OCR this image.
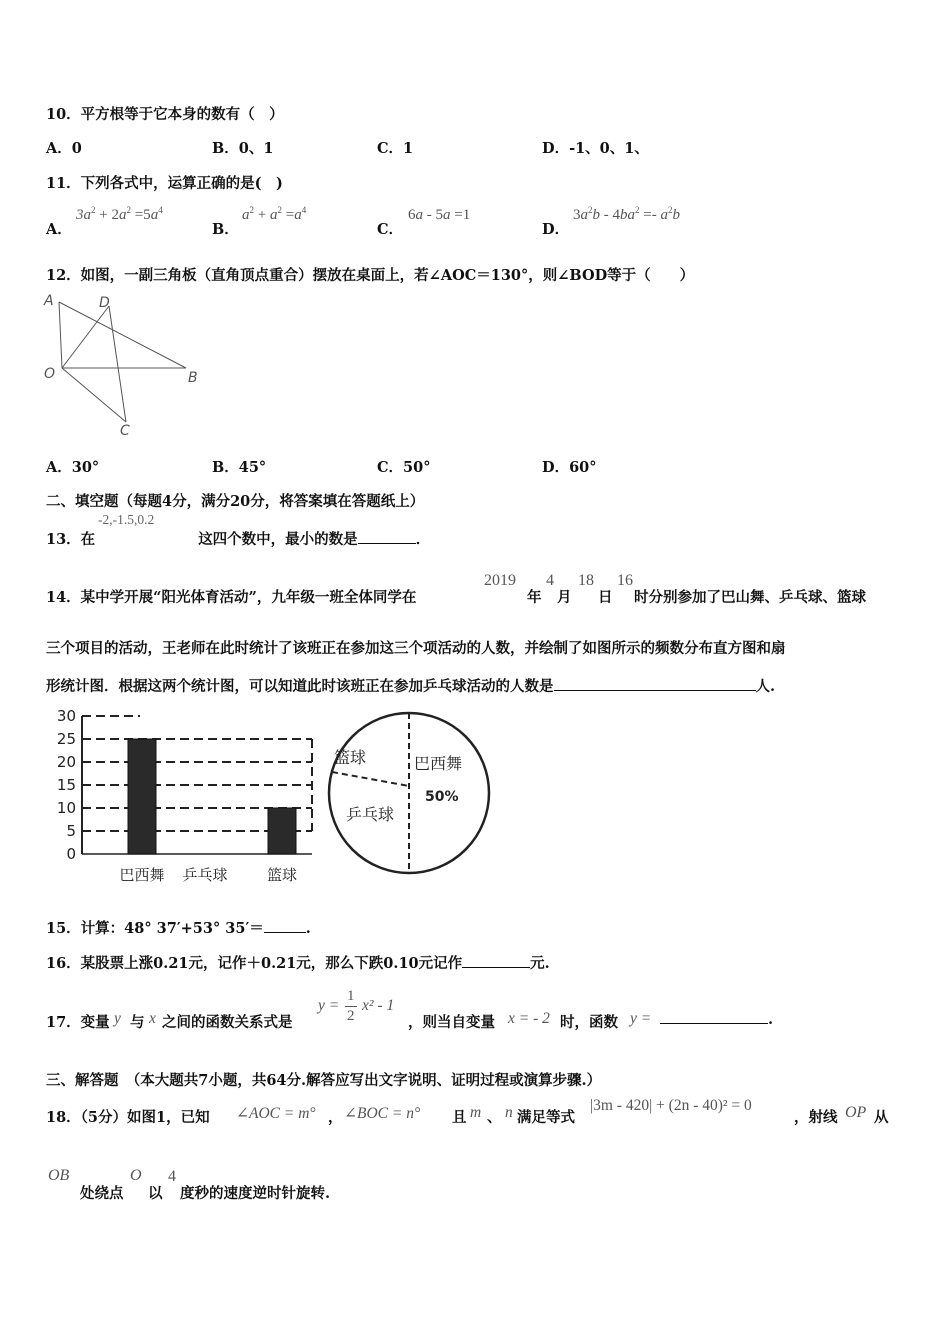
10．平方根等于它本身的数有（　）
A．0	B．0、1	C．1	D．-1、0、1、
11．下列各式中，运算正确的是(　)
A．	B．	C．	D．
$3a^2 + 2a^2 =5a^4$	$a^2 + a^2 =a^4$	6a - 5a =1	$3a^2b - 4ba^2 =- a^2b$
12．如图，一副三角板（直角顶点重合）摆放在桌面上，若∠AOC＝130°，则∠BOD等于（　　）
A	D
O	B
C
A．30°	B．45°	C．50°	D．60°
二、填空题（每题4分，满分20分，将答案填在答题纸上）
-2,-1.5,0.2
13．在	这四个数中，最小的数是	．
14．某中学开展“阳光体育活动”，九年级一班全体同学在
2019
年
4
月
18
日
16
时分别参加了巴山舞、乒乓球、篮球
三个项目的活动，王老师在此时统计了该班正在参加这三个项活动的人数，并绘制了如图所示的频数分布直方图和扇
形统计图．根据这两个统计图，可以知道此时该班正在参加乒乓球活动的人数是	人.
0
5
10
15
20
25
30
巴西舞 乒乓球	篮球
篮球	巴西舞
乒乓球
50%
15．计算：48° 37′+53° 35′＝	.
16．某股票上涨0.21元，记作＋0.21元，那么下跌0.10元记作	元.
17．变量 y 与 x 之间的函数关系式是
y =
1
2
x² - 1
，则当自变量 x = - 2 时，函数 y =	.
三、解答题　（本大题共7小题，共64分.解答应写出文字说明、证明过程或演算步骤.）
18．（5分）如图1，已知 ∠AOC = m° ， ∠BOC = n° 且 m 、 n 满足等式
|3m - 420| + (2n - 40)² = 0
，射线 OP 从
OB
处绕点
O
以
4
度秒的速度逆时针旋转.
